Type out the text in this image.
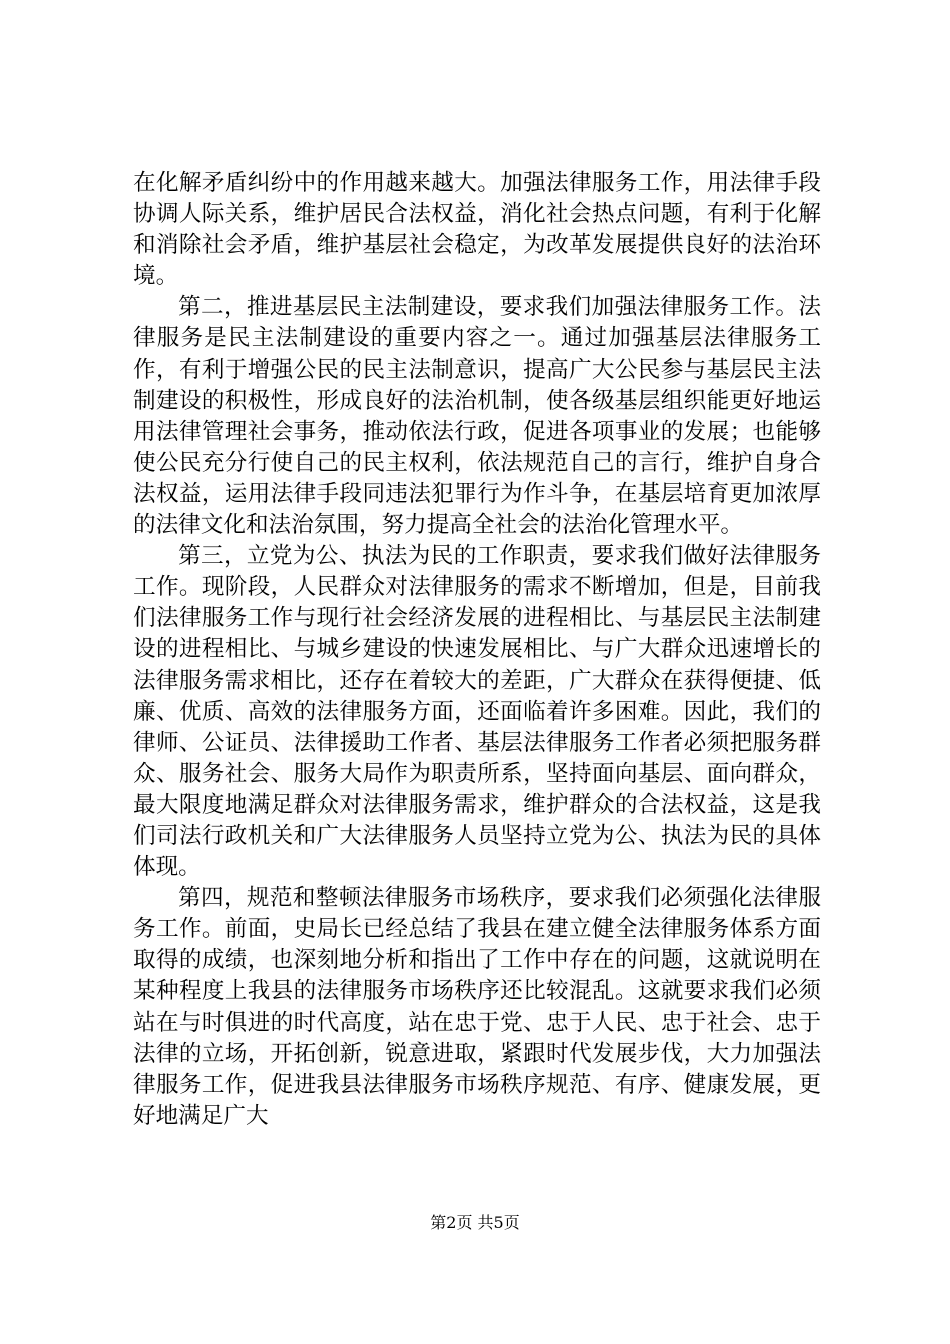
在化解矛盾纠纷中的作用越来越大。加强法律服务工作，用法律手段协调人际关系，维护居民合法权益，消化社会热点问题，有利于化解和消除社会矛盾，维护基层社会稳定，为改革发展提供良好的法治环境。

第二，推进基层民主法制建设，要求我们加强法律服务工作。法律服务是民主法制建设的重要内容之一。通过加强基层法律服务工作，有利于增强公民的民主法制意识，提高广大公民参与基层民主法制建设的积极性，形成良好的法治机制，使各级基层组织能更好地运用法律管理社会事务，推动依法行政，促进各项事业的发展；也能够使公民充分行使自己的民主权利，依法规范自己的言行，维护自身合法权益，运用法律手段同违法犯罪行为作斗争，在基层培育更加浓厚的法律文化和法治氛围，努力提高全社会的法治化管理水平。

第三，立党为公、执法为民的工作职责，要求我们做好法律服务工作。现阶段，人民群众对法律服务的需求不断增加，但是，目前我们法律服务工作与现行社会经济发展的进程相比、与基层民主法制建设的进程相比、与城乡建设的快速发展相比、与广大群众迅速增长的法律服务需求相比，还存在着较大的差距，广大群众在获得便捷、低廉、优质、高效的法律服务方面，还面临着许多困难。因此，我们的律师、公证员、法律援助工作者、基层法律服务工作者必须把服务群众、服务社会、服务大局作为职责所系，坚持面向基层、面向群众，最大限度地满足群众对法律服务需求，维护群众的合法权益，这是我们司法行政机关和广大法律服务人员坚持立党为公、执法为民的具体体现。

第四，规范和整顿法律服务市场秩序，要求我们必须强化法律服务工作。前面，史局长已经总结了我县在建立健全法律服务体系方面取得的成绩，也深刻地分析和指出了工作中存在的问题，这就说明在某种程度上我县的法律服务市场秩序还比较混乱。这就要求我们必须站在与时俱进的时代高度，站在忠于党、忠于人民、忠于社会、忠于法律的立场，开拓创新，锐意进取，紧跟时代发展步伐，大力加强法律服务工作，促进我县法律服务市场秩序规范、有序、健康发展，更好地满足广大

第2页 共5页
